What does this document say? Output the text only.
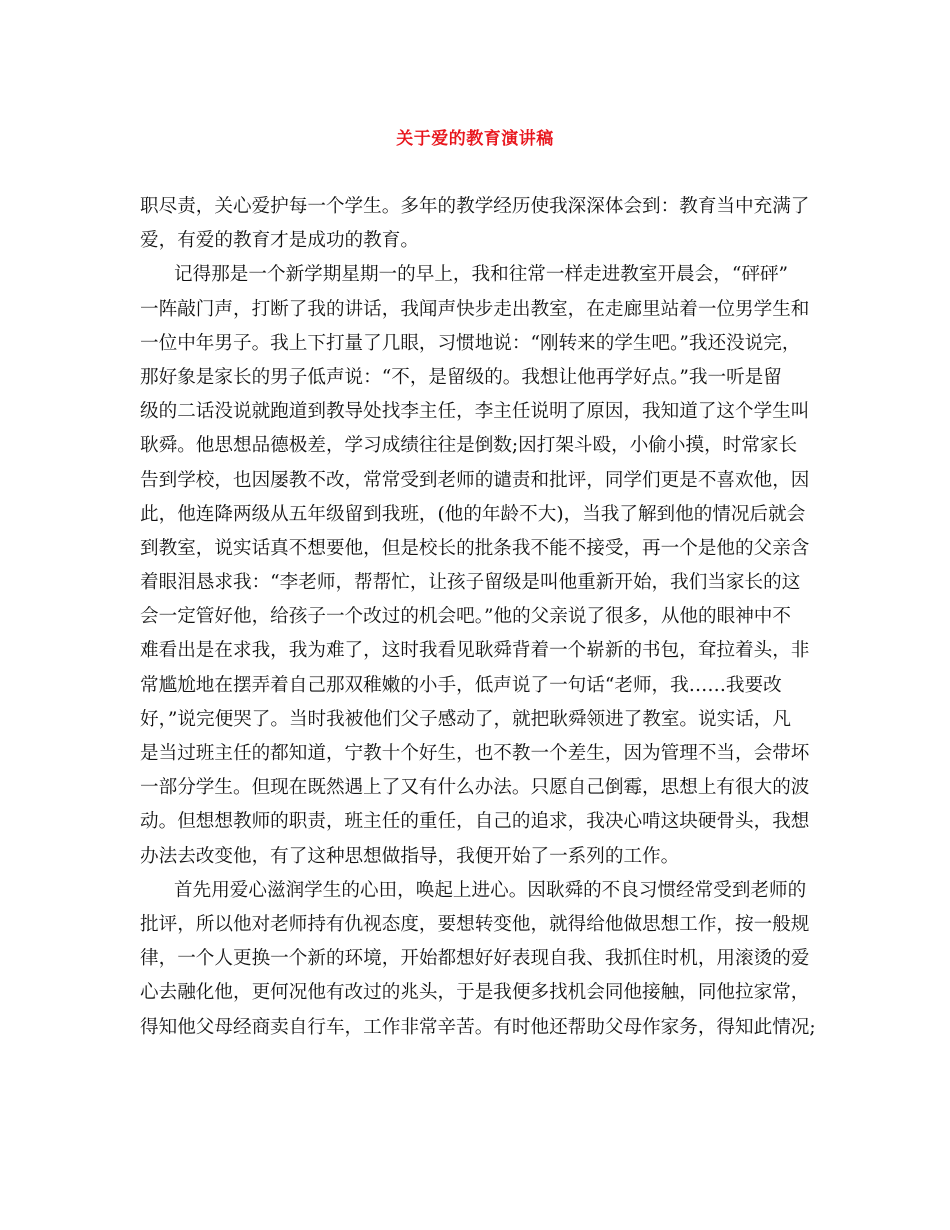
关于爱的教育演讲稿
职尽责，关心爱护每一个学生。多年的教学经历使我深深体会到：教育当中充满了
爱，有爱的教育才是成功的教育。
记得那是一个新学期星期一的早上，我和往常一样走进教室开晨会，“砰砰”
一阵敲门声，打断了我的讲话，我闻声快步走出教室，在走廊里站着一位男学生和
一位中年男子。我上下打量了几眼，习惯地说：“刚转来的学生吧。”我还没说完，
那好象是家长的男子低声说：“不，是留级的。我想让他再学好点。”我一听是留
级的二话没说就跑道到教导处找李主任，李主任说明了原因，我知道了这个学生叫
耿舜。他思想品德极差，学习成绩往往是倒数;因打架斗殴，小偷小摸，时常家长
告到学校，也因屡教不改，常常受到老师的谴责和批评，同学们更是不喜欢他，因
此，他连降两级从五年级留到我班，(他的年龄不大)，当我了解到他的情况后就会
到教室，说实话真不想要他，但是校长的批条我不能不接受，再一个是他的父亲含
着眼泪恳求我：“李老师，帮帮忙，让孩子留级是叫他重新开始，我们当家长的这
会一定管好他，给孩子一个改过的机会吧。”他的父亲说了很多，从他的眼神中不
难看出是在求我，我为难了，这时我看见耿舜背着一个崭新的书包，耷拉着头，非
常尴尬地在摆弄着自己那双稚嫩的小手，低声说了一句话“老师，我……我要改
好，”说完便哭了。当时我被他们父子感动了，就把耿舜领进了教室。说实话，凡
是当过班主任的都知道，宁教十个好生，也不教一个差生，因为管理不当，会带坏
一部分学生。但现在既然遇上了又有什么办法。只愿自己倒霉，思想上有很大的波
动。但想想教师的职责，班主任的重任，自己的追求，我决心啃这块硬骨头，我想
办法去改变他，有了这种思想做指导，我便开始了一系列的工作。
首先用爱心滋润学生的心田，唤起上进心。因耿舜的不良习惯经常受到老师的
批评，所以他对老师持有仇视态度，要想转变他，就得给他做思想工作，按一般规
律，一个人更换一个新的环境，开始都想好好表现自我、我抓住时机，用滚烫的爱
心去融化他，更何况他有改过的兆头，于是我便多找机会同他接触，同他拉家常，
得知他父母经商卖自行车，工作非常辛苦。有时他还帮助父母作家务，得知此情况;
